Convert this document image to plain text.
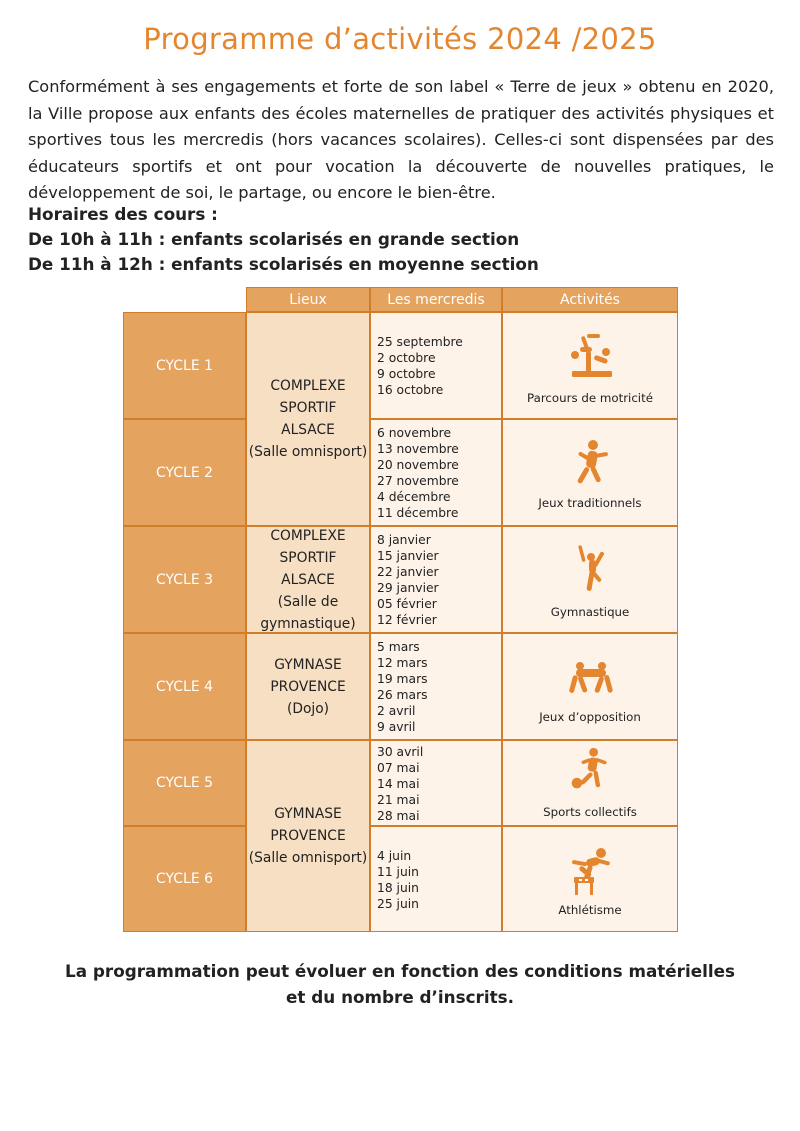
Programme d’activités 2024 /2025
Conformément à ses engagements et forte de son label « Terre de jeux » obtenu en 2020, la Ville propose aux enfants des écoles maternelles de pratiquer des activités physiques et sportives tous les mercredis (hors vacances scolaires). Celles-ci sont dispensées par des éducateurs sportifs et ont pour vocation la découverte de nouvelles pratiques, le développement de soi, le partage, ou encore le bien-être.
Horaires des cours :
De 10h à 11h : enfants scolarisés en grande section
De 11h à 12h : enfants scolarisés en moyenne section
Lieux	Les mercredis	Activités
CYCLE 1
CYCLE 2
CYCLE 3
CYCLE 4
CYCLE 5
CYCLE 6
COMPLEXE
SPORTIF
ALSACE
(Salle omnisport)
COMPLEXE
SPORTIF
ALSACE
(Salle de
gymnastique)
GYMNASE
PROVENCE
(Dojo)
GYMNASE
PROVENCE
(Salle omnisport)
25 septembre
2 octobre
9 octobre
16 octobre
6 novembre
13 novembre
20 novembre
27 novembre
4 décembre
11 décembre
8 janvier
15 janvier
22 janvier
29 janvier
05 février
12 février
5 mars
12 mars
19 mars
26 mars
2 avril
9 avril
30 avril
07 mai
14 mai
21 mai
28 mai
4 juin
11 juin
18 juin
25 juin
Parcours de motricité
Jeux traditionnels
Gymnastique
Jeux d’opposition
Sports collectifs
Athlétisme
La programmation peut évoluer en fonction des conditions matérielles
et du nombre d’inscrits.
